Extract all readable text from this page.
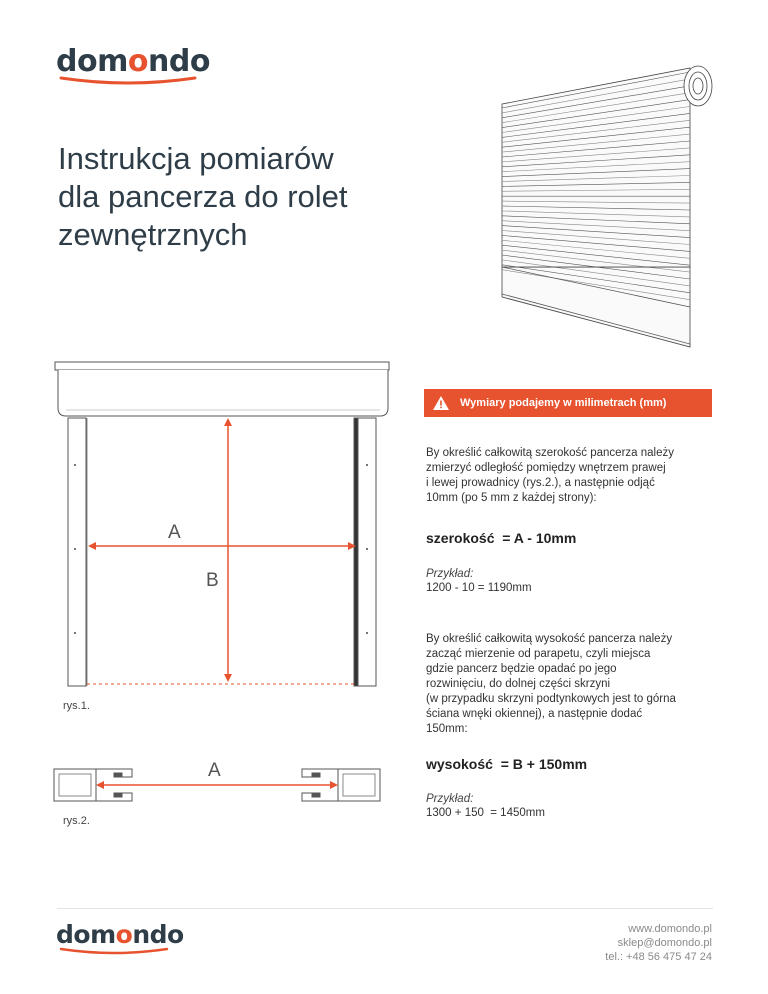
domondo
Instrukcja pomiarów
dla pancerza do rolet
zewnętrznych
A
B
rys.1.
A
rys.2.
Wymiary podajemy w milimetrach (mm)
By określić całkowitą szerokość pancerza należy
zmierzyć odległość pomiędzy wnętrzem prawej
i lewej prowadnicy (rys.2.), a następnie odjąć
10mm (po 5 mm z każdej strony):
szerokość  = A - 10mm
Przykład:
1200 - 10 = 1190mm
By określić całkowitą wysokość pancerza należy
zacząć mierzenie od parapetu, czyli miejsca
gdzie pancerz będzie opadać po jego
rozwinięciu, do dolnej części skrzyni
(w przypadku skrzyni podtynkowych jest to górna
ściana wnęki okiennej), a następnie dodać
150mm:
wysokość  = B + 150mm
Przykład:
1300 + 150  = 1450mm
domondo	www.domondo.pl
sklep@domondo.pl
tel.: +48 56 475 47 24
